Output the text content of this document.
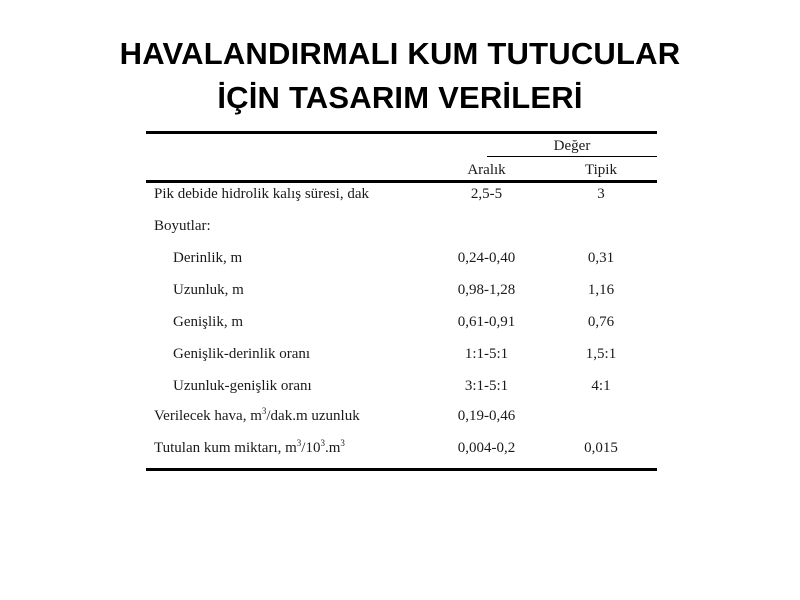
HAVALANDIRMALI KUM TUTUCULAR
İÇİN TASARIM VERİLERİ
Değer
Aralık	Tipik
Pik debide hidrolik kalış süresi, dak	2,5-5	3
Boyutlar:
Derinlik, m	0,24-0,40	0,31
Uzunluk, m	0,98-1,28	1,16
Genişlik, m	0,61-0,91	0,76
Genişlik-derinlik oranı	1:1-5:1	1,5:1
Uzunluk-genişlik oranı	3:1-5:1	4:1
Verilecek hava, $m^3/dak.m$ uzunluk	0,19-0,46
Tutulan kum miktarı, $m^3/10^3.m^3$	0,004-0,2	0,015
